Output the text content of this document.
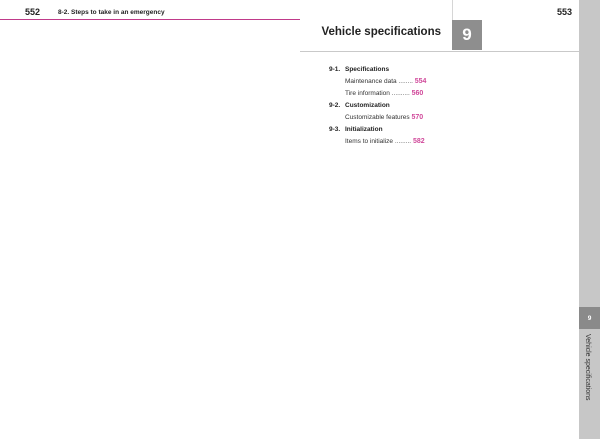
552	8-2. Steps to take in an emergency	553
Vehicle specifications	9
9
Vehicle specifications
9-1. Specifications
Maintenance data ........ 554
Tire information .......... 560
9-2. Customization
Customizable features 570
9-3. Initialization
Items to initialize ......... 582
